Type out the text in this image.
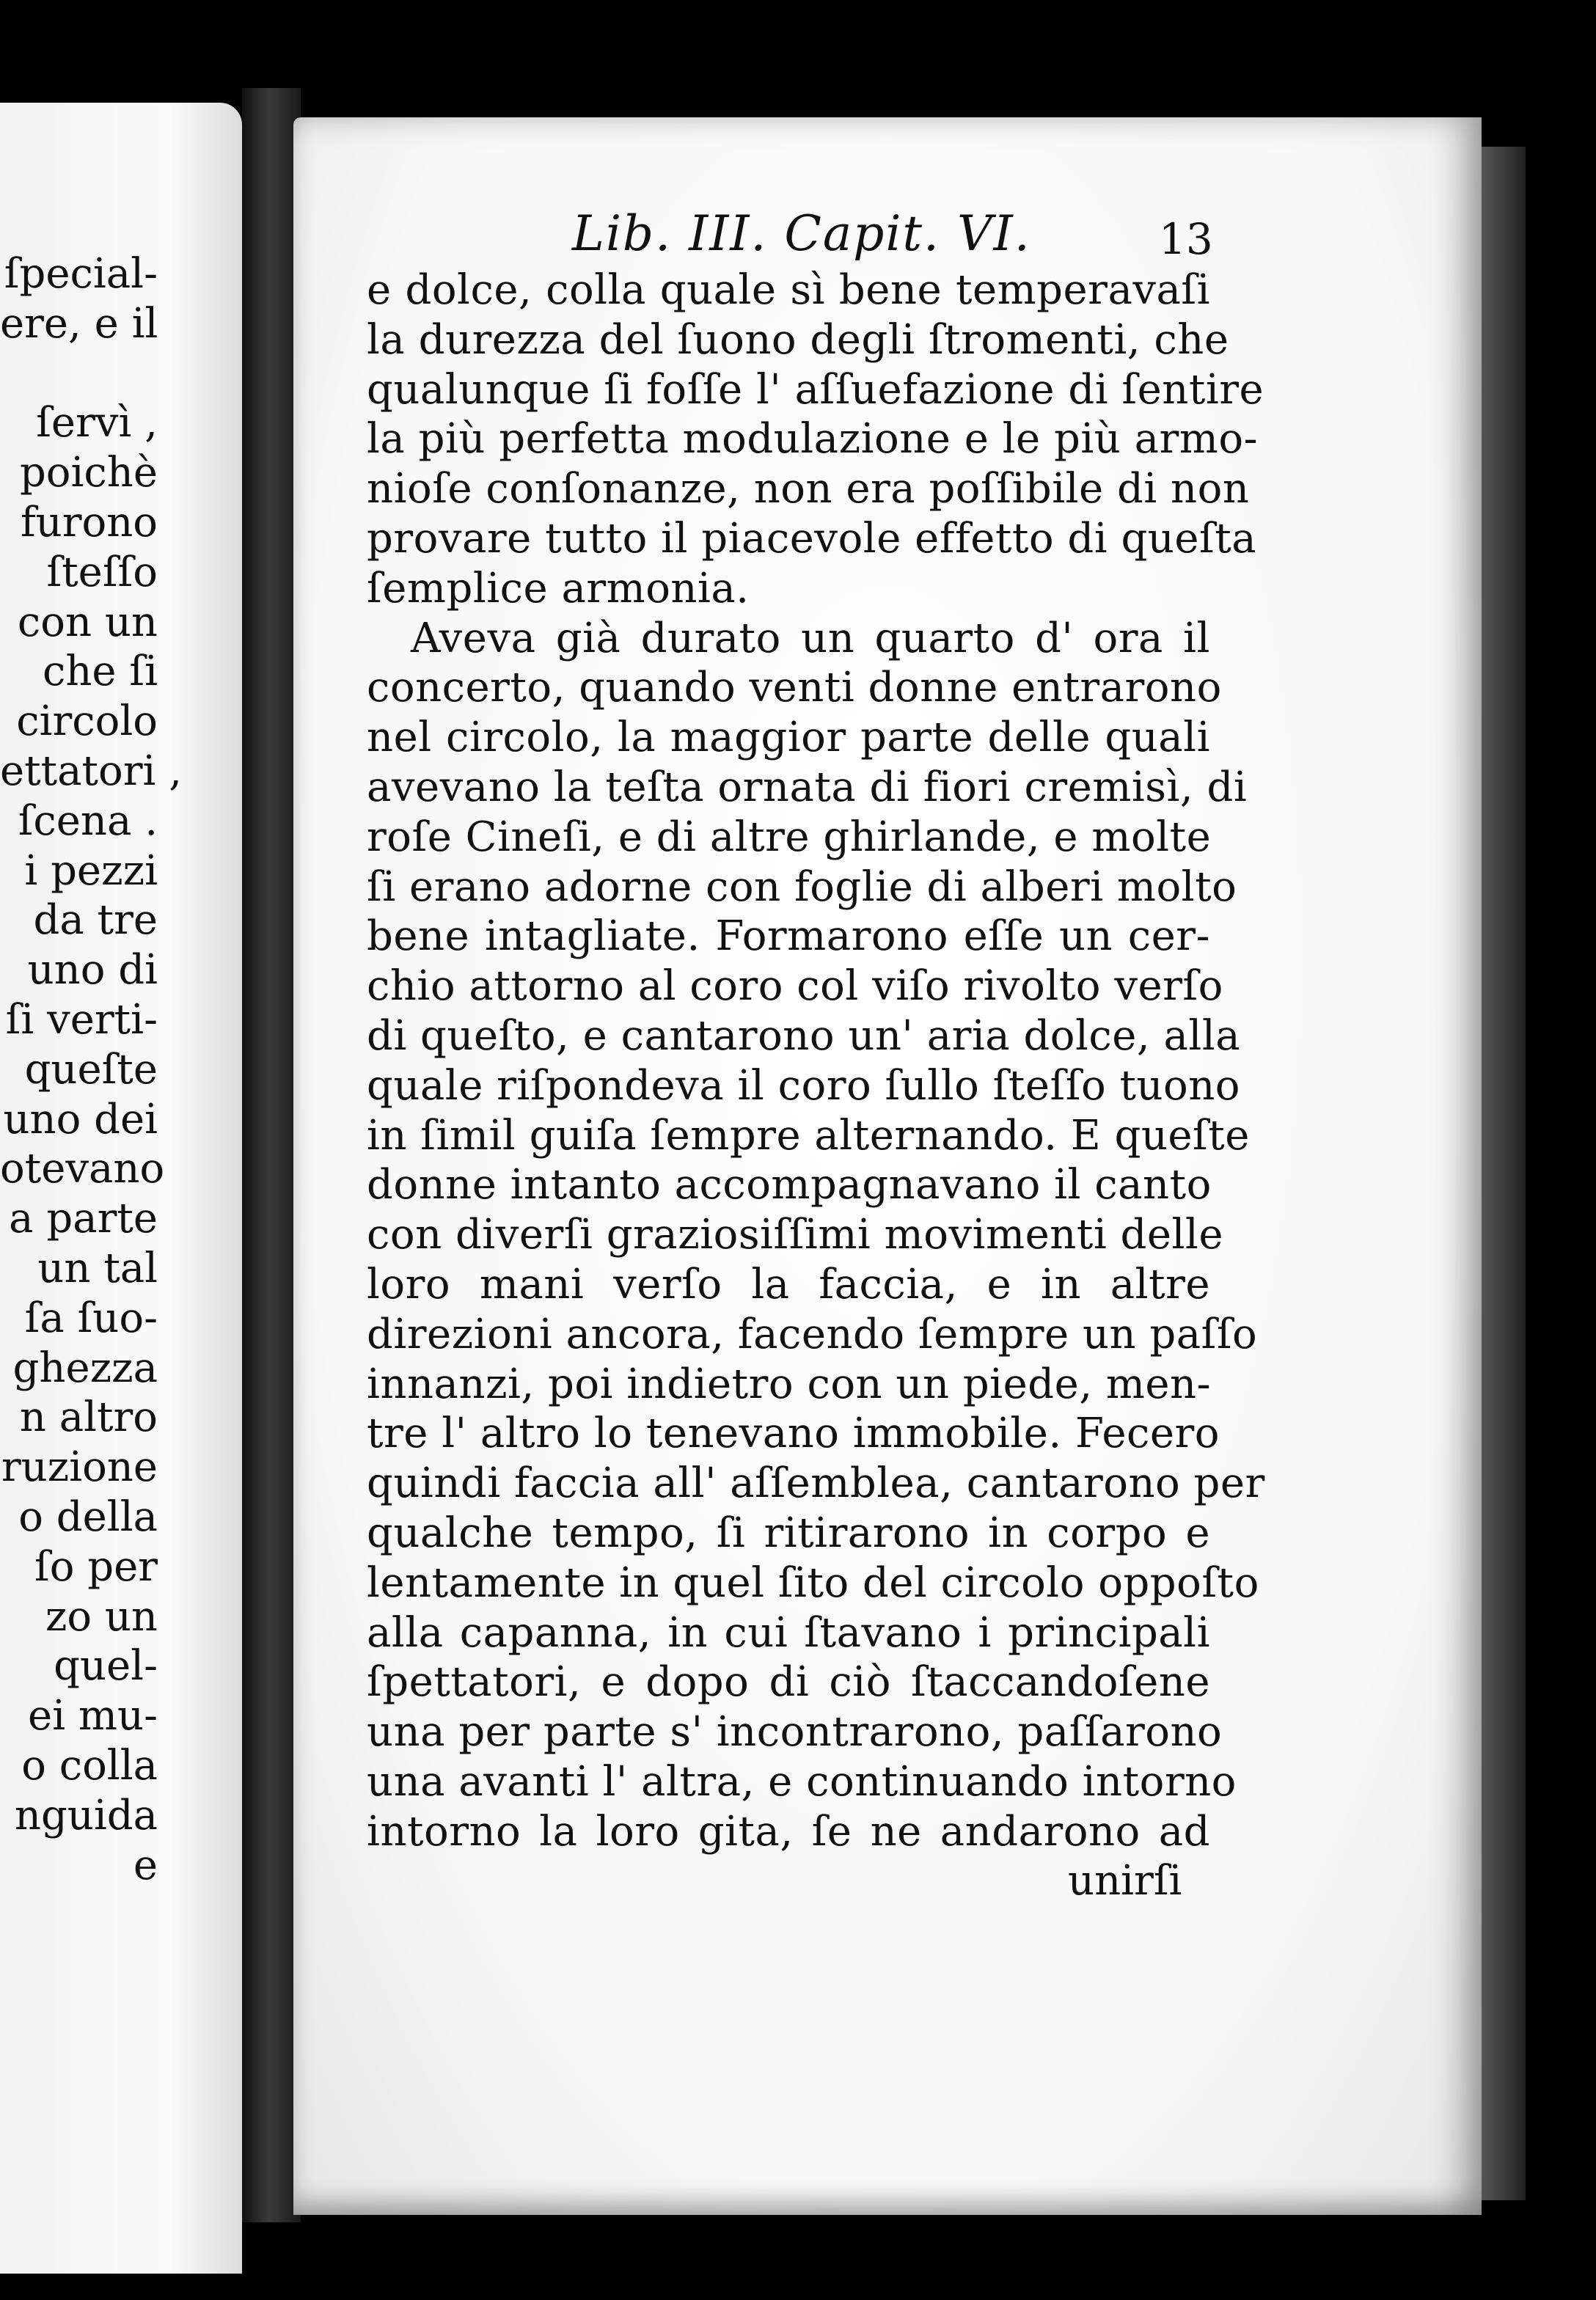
ſpecial-
ere, e il

ſervì ,
poichè
furono
ſteſſo
con un
che ſi
circolo
ettatori ,
ſcena .
i pezzi
da tre
uno di
ſi verti-
queſte
uno dei
otevano
a parte
un tal
ſa ſuo-
ghezza
n altro
ruzione
o della
ſo per
zo un
quel-
ei mu-
o colla
nguida
e
Lib. III. Capit. VI.	13
e dolce, colla quale sì bene temperavaſi
la durezza del ſuono degli ſtromenti, che
qualunque ſi foſſe l' aſſuefazione di ſentire
la più perfetta modulazione e le più armo-
nioſe conſonanze, non era poſſibile di non
provare tutto il piacevole effetto di queſta
ſemplice armonia.
Aveva già durato un quarto d' ora il
concerto, quando venti donne entrarono
nel circolo, la maggior parte delle quali
avevano la teſta ornata di fiori cremisì, di
roſe Cineſi, e di altre ghirlande, e molte
ſi erano adorne con foglie di alberi molto
bene intagliate. Formarono eſſe un cer-
chio attorno al coro col viſo rivolto verſo
di queſto, e cantarono un' aria dolce, alla
quale riſpondeva il coro ſullo ſteſſo tuono
in ſimil guiſa ſempre alternando. E queſte
donne intanto accompagnavano il canto
con diverſi graziosiſſimi movimenti delle
loro mani verſo la faccia, e in altre
direzioni ancora, facendo ſempre un paſſo
innanzi, poi indietro con un piede, men-
tre l' altro lo tenevano immobile. Fecero
quindi faccia all' aſſemblea, cantarono per
qualche tempo, ſi ritirarono in corpo e
lentamente in quel ſito del circolo oppoſto
alla capanna, in cui ſtavano i principali
ſpettatori, e dopo di ciò ſtaccandoſene
una per parte s' incontrarono, paſſarono
una avanti l' altra, e continuando intorno
intorno la loro gita, ſe ne andarono ad
unirſi
